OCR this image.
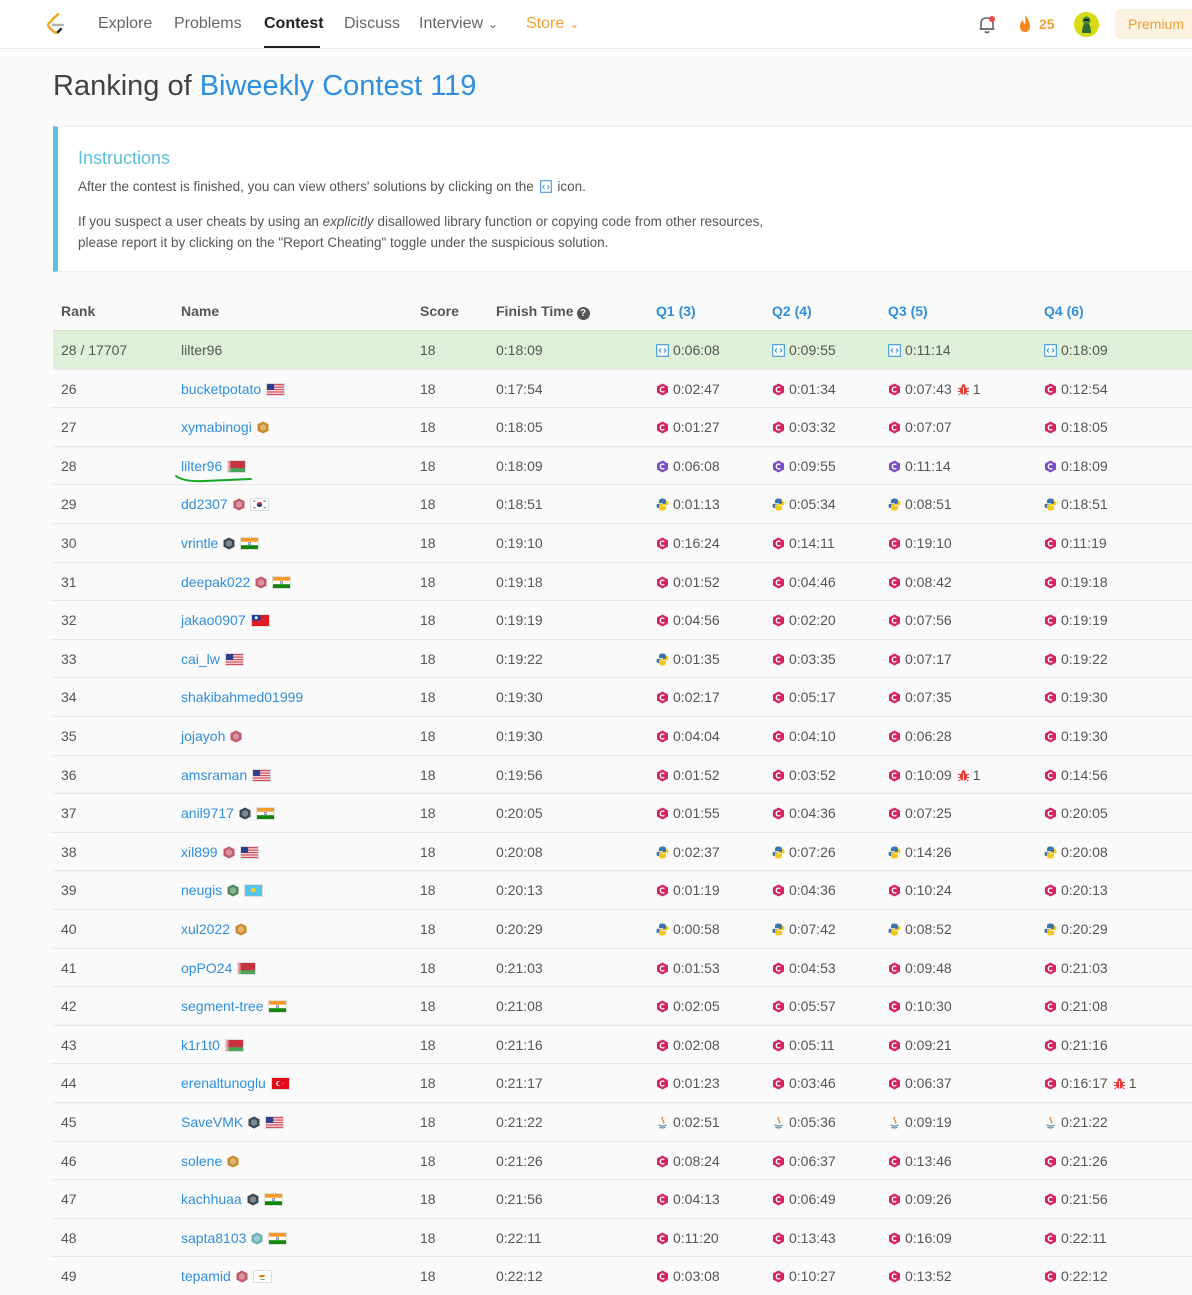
Explore Problems Contest Discuss Interview ⌄ Store ⌄	25	Premium
Ranking of Biweekly Contest 119
Instructions
After the contest is finished, you can view others' solutions by clicking on the icon.
If you suspect a user cheats by using an explicitly disallowed library function or copying code from other resources,
please report it by clicking on the "Report Cheating" toggle under the suspicious solution.
Rank	Name	Score	Finish Time ?	Q1 (3)	Q2 (4)	Q3 (5)	Q4 (6)
28 / 17707	lilter96	18	0:18:09	0:06:08	0:09:55	0:11:14	0:18:09
26	bucketpotato	18	0:17:54	0:02:47	0:01:34	0:07:43 1	0:12:54
27	xymabinogi	18	0:18:05	0:01:27	0:03:32	0:07:07	0:18:05
28	lilter96	18	0:18:09	0:06:08	0:09:55	0:11:14	0:18:09
29	dd2307	18	0:18:51	0:01:13	0:05:34	0:08:51	0:18:51
30	vrintle	18	0:19:10	0:16:24	0:14:11	0:19:10	0:11:19
31	deepak022	18	0:19:18	0:01:52	0:04:46	0:08:42	0:19:18
32	jakao0907	18	0:19:19	0:04:56	0:02:20	0:07:56	0:19:19
33	cai_lw	18	0:19:22	0:01:35	0:03:35	0:07:17	0:19:22
34	shakibahmed01999	18	0:19:30	0:02:17	0:05:17	0:07:35	0:19:30
35	jojayoh	18	0:19:30	0:04:04	0:04:10	0:06:28	0:19:30
36	amsraman	18	0:19:56	0:01:52	0:03:52	0:10:09 1	0:14:56
37	anil9717	18	0:20:05	0:01:55	0:04:36	0:07:25	0:20:05
38	xil899	18	0:20:08	0:02:37	0:07:26	0:14:26	0:20:08
39	neugis	18	0:20:13	0:01:19	0:04:36	0:10:24	0:20:13
40	xul2022	18	0:20:29	0:00:58	0:07:42	0:08:52	0:20:29
41	opPO24	18	0:21:03	0:01:53	0:04:53	0:09:48	0:21:03
42	segment-tree	18	0:21:08	0:02:05	0:05:57	0:10:30	0:21:08
43	k1r1t0	18	0:21:16	0:02:08	0:05:11	0:09:21	0:21:16
44	erenaltunoglu	18	0:21:17	0:01:23	0:03:46	0:06:37	0:16:17 1
45	SaveVMK	18	0:21:22	0:02:51	0:05:36	0:09:19	0:21:22
46	solene	18	0:21:26	0:08:24	0:06:37	0:13:46	0:21:26
47	kachhuaa	18	0:21:56	0:04:13	0:06:49	0:09:26	0:21:56
48	sapta8103	18	0:22:11	0:11:20	0:13:43	0:16:09	0:22:11
49	tepamid	18	0:22:12	0:03:08	0:10:27	0:13:52	0:22:12
